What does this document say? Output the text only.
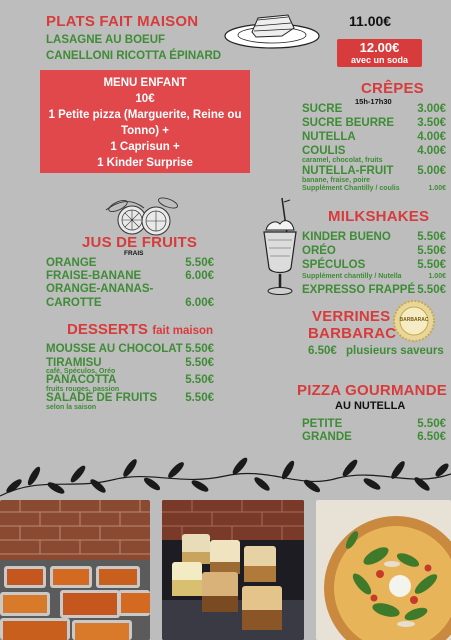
PLATS FAIT MAISON
LASAGNE AU BOEUF
CANELLONI RICOTTA ÉPINARD
11.00€
12.00€
avec un soda
MENU ENFANT
10€
1 Petite pizza (Marguerite, Reine ou
Tonno) +
1 Caprisun +
1 Kinder Surprise
CRÊPES
15h-17h30
SUCRE	3.00€
SUCRE BEURRE 3.50€
NUTELLA	4.00€
COULIS	4.00€
caramel, chocolat, fruits
NUTELLA-FRUIT 5.00€
banane, fraise, poire
Supplément Chantilly / coulis	1.00€
JUS DE FRUITS
FRAIS
ORANGE	5.50€
FRAISE-BANANE	6.00€
ORANGE-ANANAS-
CAROTTE	6.00€
MILKSHAKES
KINDER BUENO 5.50€
ORÉO	5.50€
SPÉCULOS	5.50€
Supplément chantilly / Nutella	1.00€
EXPRESSO FRAPPÉ 5.50€
VERRINES
BARBARAC
BARBARAC
6.50€ plusieurs saveurs
DESSERTS fait maison
MOUSSE AU CHOCOLAT 5.50€
TIRAMISU	5.50€
café, Spéculos, Oréo
PANACOTTA	5.50€
fruits rouges, passion
SALADE DE FRUITS 5.50€
selon la saison
PIZZA GOURMANDE
AU NUTELLA
PETITE	5.50€
GRANDE	6.50€
